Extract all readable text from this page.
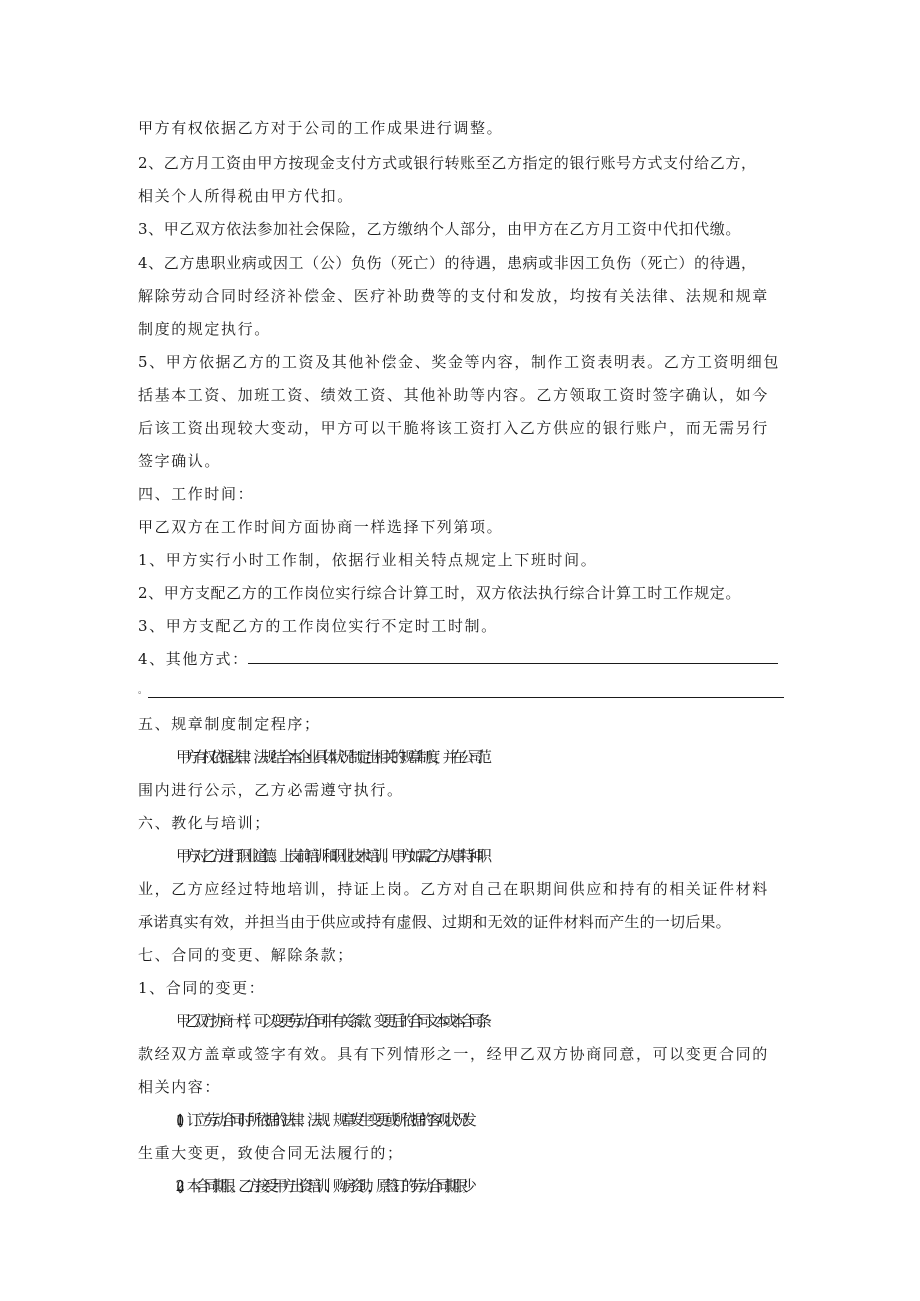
甲方有权依据乙方对于公司的工作成果进行调整。
2、乙方月工资由甲方按现金支付方式或银行转账至乙方指定的银行账号方式支付给乙方，
相关个人所得税由甲方代扣。
3、甲乙双方依法参加社会保险，乙方缴纳个人部分，由甲方在乙方月工资中代扣代缴。
4、乙方患职业病或因工（公）负伤（死亡）的待遇，患病或非因工负伤（死亡）的待遇，
解除劳动合同时经济补偿金、医疗补助费等的支付和发放，均按有关法律、法规和规章
制度的规定执行。
5、甲方依据乙方的工资及其他补偿金、奖金等内容，制作工资表明表。乙方工资明细包
括基本工资、加班工资、绩效工资、其他补助等内容。乙方领取工资时签字确认，如今
后该工资出现较大变动，甲方可以干脆将该工资打入乙方供应的银行账户，而无需另行
签字确认。
四、工作时间：
甲乙双方在工作时间方面协商一样选择下列第项。
1、甲方实行小时工作制，依据行业相关特点规定上下班时间。
2、甲方支配乙方的工作岗位实行综合计算工时，双方依法执行综合计算工时工作规定。
3、甲方支配乙方的工作岗位实行不定时工时制。
4、其他方式：
。
五、规章制度制定程序；
甲方有权依据法律、法规结合本企业具体状况制定出相关的规章制度，并在公司范
围内进行公示，乙方必需遵守执行。
六、教化与培训；
甲方对乙方进行职业道德、上岗前培训和职业技术培训。甲方如需乙方从事特种职
业，乙方应经过特地培训，持证上岗。乙方对自己在职期间供应和持有的相关证件材料
承诺真实有效，并担当由于供应或持有虚假、过期和无效的证件材料而产生的一切后果。
七、合同的变更、解除条款；
1、合同的变更：
甲乙双方协商一样，可以变更劳动合同中有关条款。变更后的合同文本或本合同条
款经双方盖章或签字有效。具有下列情形之一，经甲乙双方协商同意，可以变更合同的
相关内容：
(1)、订立劳动合同时所依据的法律、法规、规章发生变更或所依据的客观状况发
生重大变更，致使合同无法履行的；
(2)、本合同期限。乙方接受甲方出资培训、购房资助，原签订的劳动合同期限少
